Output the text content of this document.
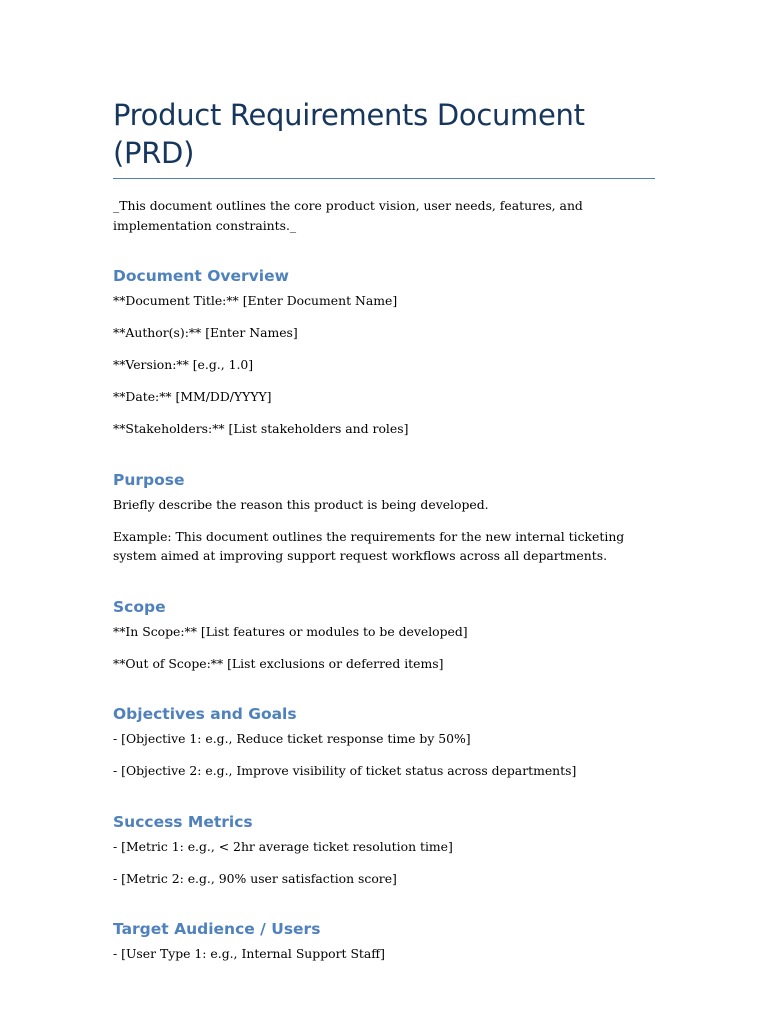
Product Requirements Document (PRD)

_This document outlines the core product vision, user needs, features, and implementation constraints._

Document Overview

**Document Title:** [Enter Document Name]

**Author(s):** [Enter Names]

**Version:** [e.g., 1.0]

**Date:** [MM/DD/YYYY]

**Stakeholders:** [List stakeholders and roles]

Purpose

Briefly describe the reason this product is being developed.

Example: This document outlines the requirements for the new internal ticketing system aimed at improving support request workflows across all departments.

Scope

**In Scope:** [List features or modules to be developed]

**Out of Scope:** [List exclusions or deferred items]

Objectives and Goals

- [Objective 1: e.g., Reduce ticket response time by 50%]

- [Objective 2: e.g., Improve visibility of ticket status across departments]

Success Metrics

- [Metric 1: e.g., < 2hr average ticket resolution time]

- [Metric 2: e.g., 90% user satisfaction score]

Target Audience / Users

- [User Type 1: e.g., Internal Support Staff]
